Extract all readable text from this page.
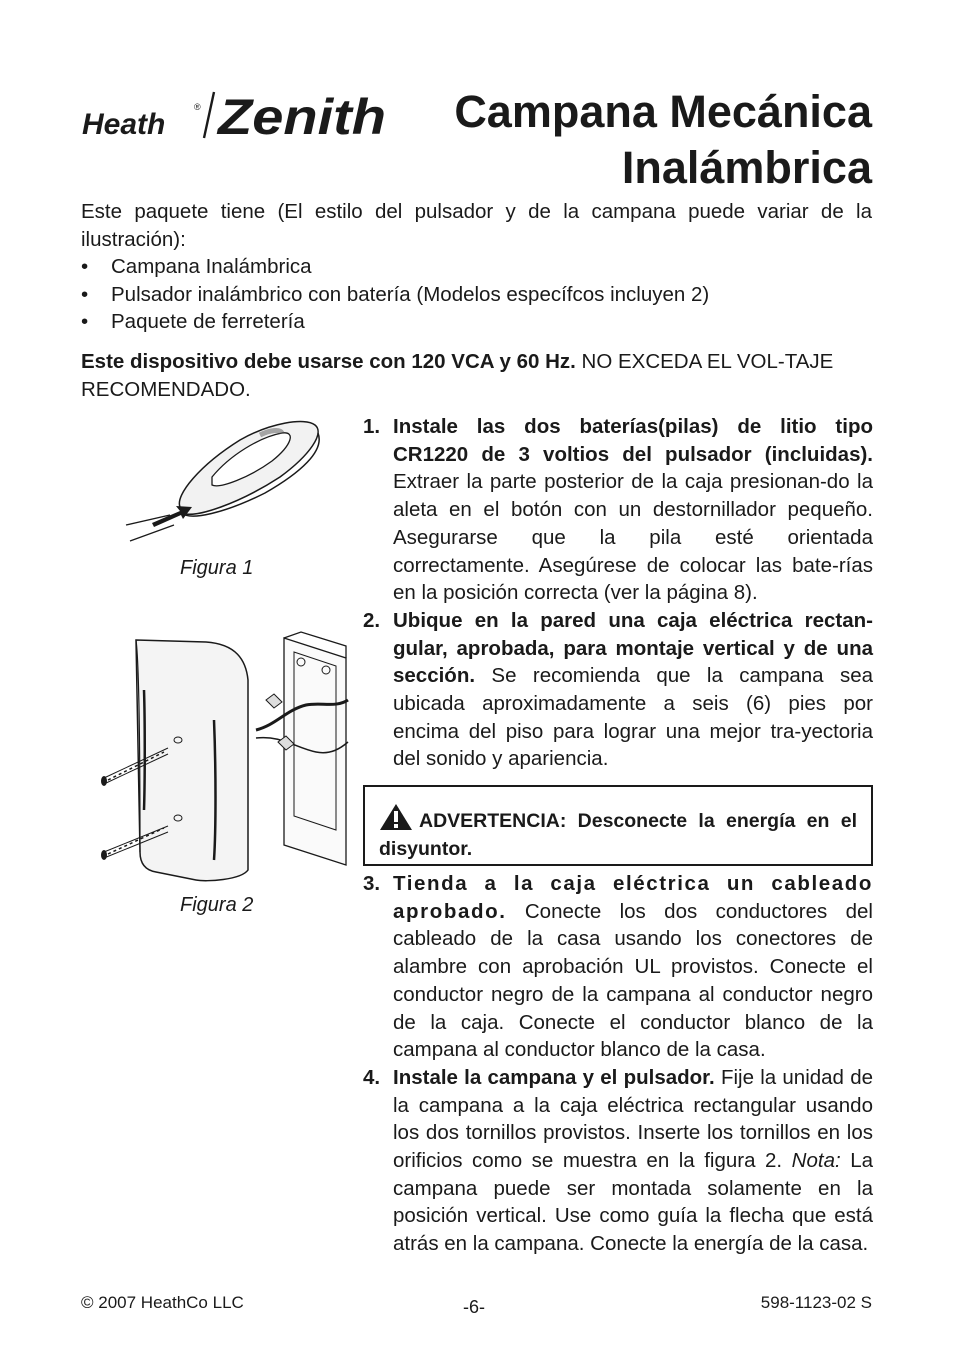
Heath
® Zenith Campana Mecánica
Inalámbrica

Este paquete tiene (El estilo del pulsador y de la campana puede variar de la ilustración):

• Campana Inalámbrica
• Pulsador inalámbrico con batería (Modelos específcos incluyen 2)
• Paquete de ferretería

Este dispositivo debe usarse con 120 VCA y 60 Hz. NO EXCEDA EL VOL-TAJE RECOMENDADO.

Figura 1
Figura 2
1. Instale las dos baterías(pilas) de litio tipo CR1220 de 3 voltios del pulsador (incluidas). Extraer la parte posterior de la caja presionan-do la aleta en el botón con un destornillador pequeño. Asegurarse que la pila esté orientada correctamente. Asegúrese de colocar las bate-rías en la posición correcta (ver la página 8).
2. Ubique en la pared una caja eléctrica rectan-gular, aprobada, para montaje vertical y de una sección. Se recomienda que la campana sea ubicada aproximadamente a seis (6) pies por encima del piso para lograr una mejor tra-yectoria del sonido y apariencia.
ADVERTENCIA: Desconecte la energía en el disyuntor.
3. Tienda a la caja eléctrica un cableado aprobado. Conecte los dos conductores del cableado de la casa usando los conectores de alambre con aprobación UL provistos. Conecte el conductor negro de la campana al conductor negro de la caja. Conecte el conductor blanco de la campana al conductor blanco de la casa.
4. Instale la campana y el pulsador. Fije la unidad de la campana a la caja eléctrica rectangular usando los dos tornillos provistos. Inserte los tornillos en los orificios como se muestra en la figura 2. Nota: La campana puede ser montada solamente en la posición vertical. Use como guía la flecha que está atrás en la campana. Conecte la energía de la casa.
© 2007 HeathCo LLC	-6-	598-1123-02 S
